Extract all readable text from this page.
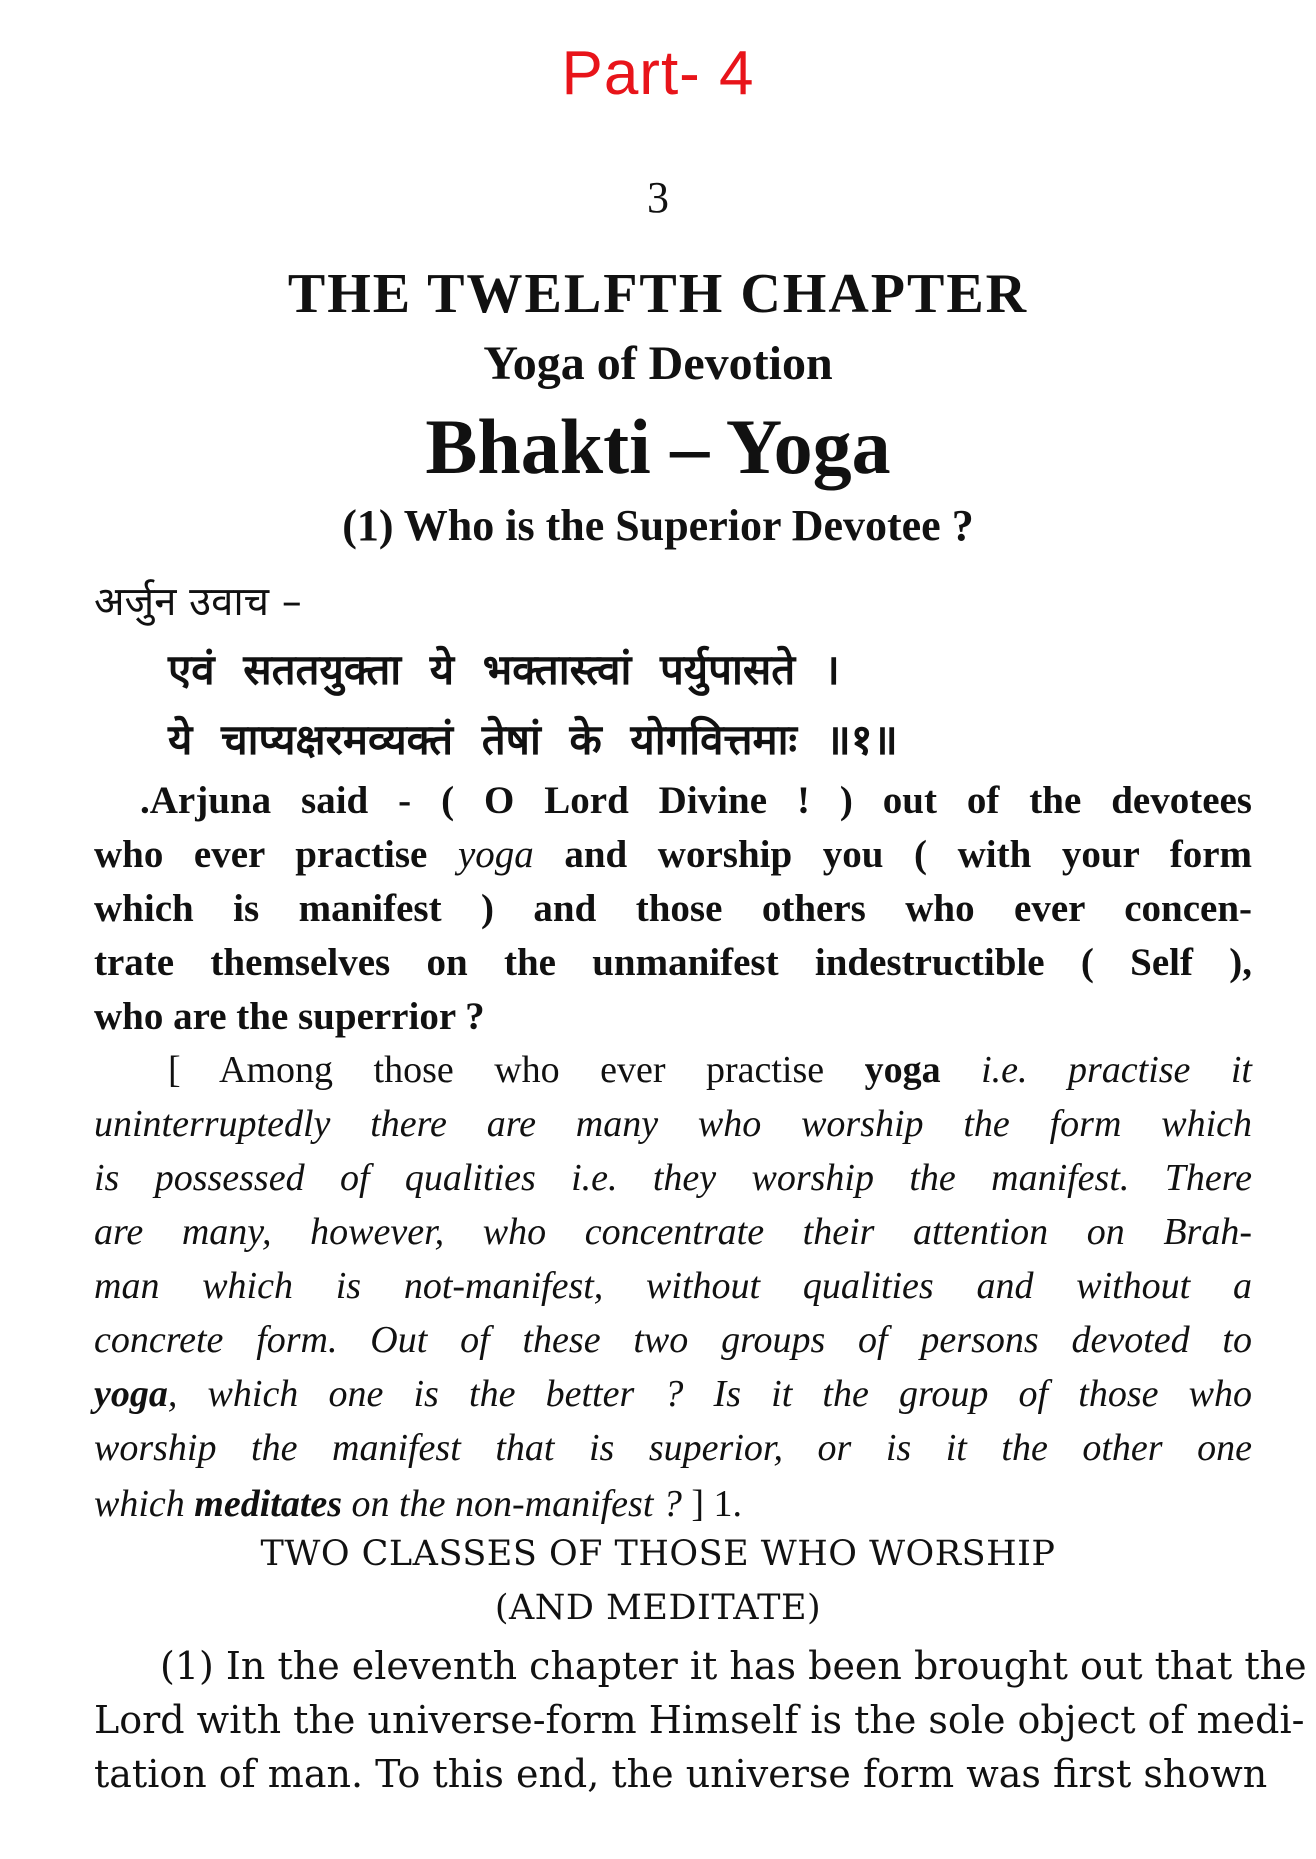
Part- 4
3
THE TWELFTH CHAPTER
Yoga of Devotion
Bhakti – Yoga
(1) Who is the Superior Devotee ?
अर्जुन उवाच –
एवं सततयुक्ता ये भक्तास्त्वां पर्युपासते ।
ये चाप्यक्षरमव्यक्तं तेषां के योगवित्तमाः ॥१॥
.Arjuna said - ( O Lord Divine ! ) out of the devotees
who ever practise yoga and worship you ( with your form
which is manifest ) and those others who ever concen-
trate themselves on the unmanifest indestructible ( Self ),
who are the superrior ?
[ Among those who ever practise yoga i.e. practise it
uninterruptedly there are many who worship the form which
is possessed of qualities i.e. they worship the manifest. There
are many, however, who concentrate their attention on Brah-
man which is not-manifest, without qualities and without a
concrete form. Out of these two groups of persons devoted to
yoga, which one is the better ? Is it the group of those who
worship the manifest that is superior, or is it the other one
which meditates on the non-manifest ? ] 1.
TWO CLASSES OF THOSE WHO WORSHIP
(AND MEDITATE)
(1) In the eleventh chapter it has been brought out that the
Lord with the universe-form Himself is the sole object of medi-
tation of man. To this end, the universe form was first shown
